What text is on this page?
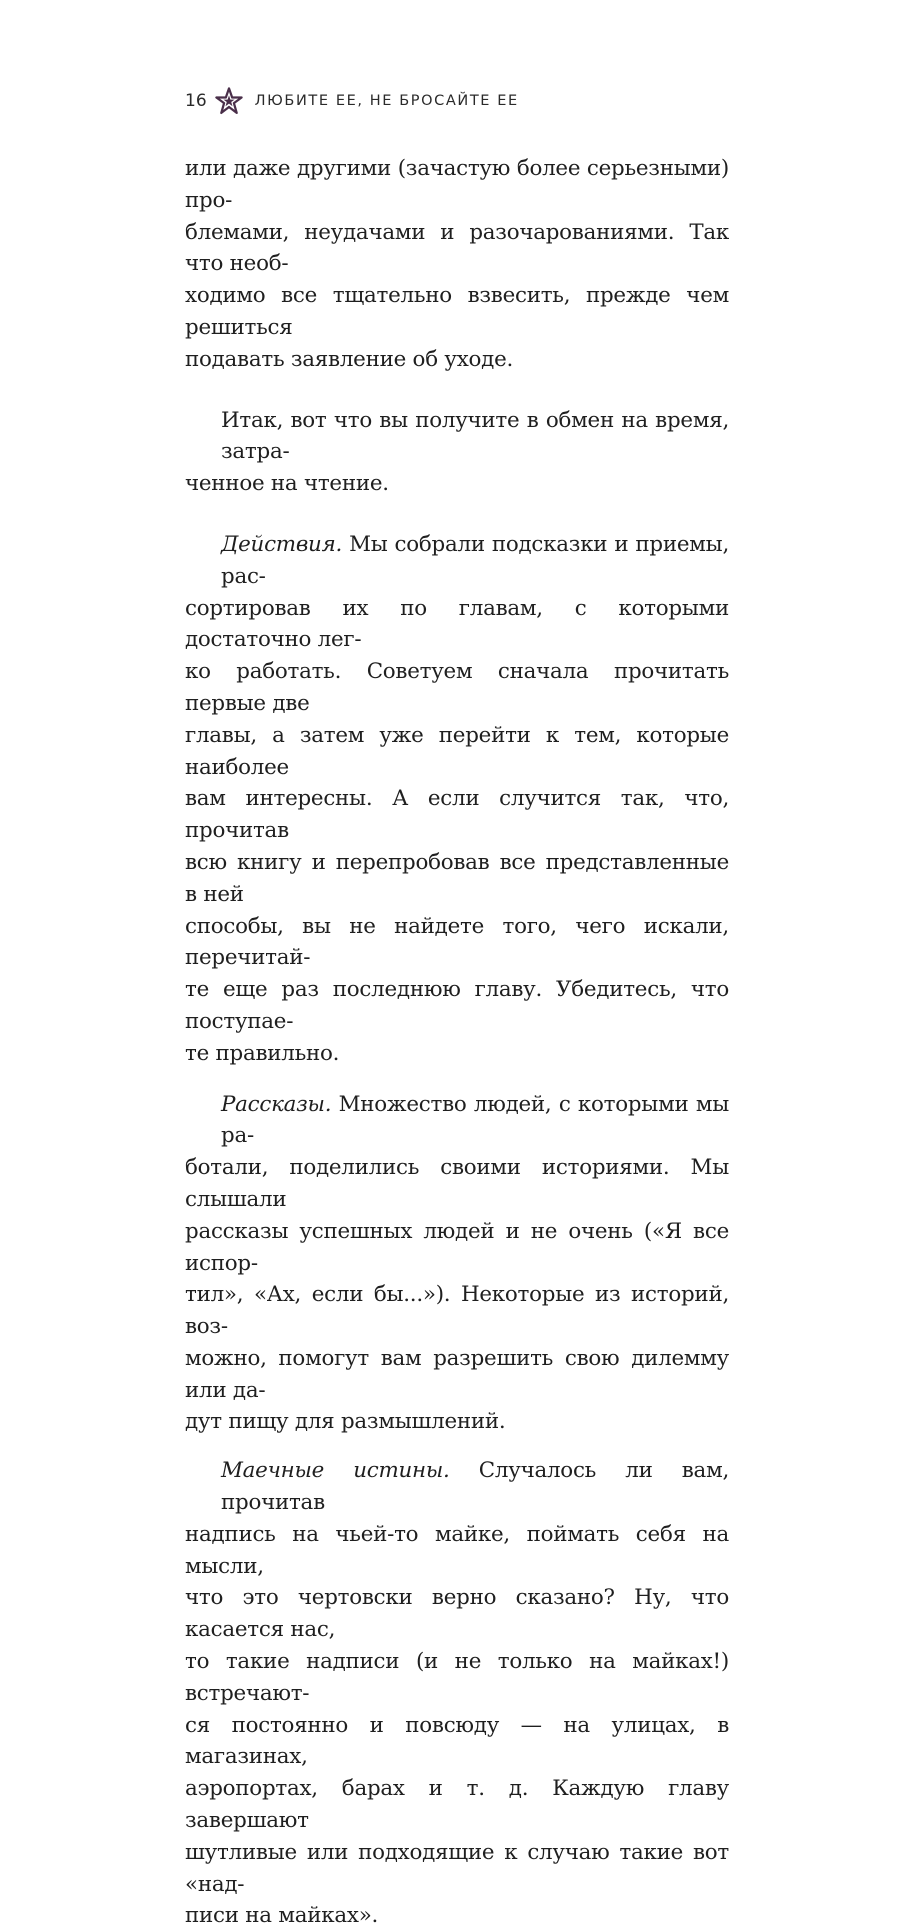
16	ЛЮБИТЕ ЕЕ, НЕ БРОСАЙТЕ ЕЕ

или даже другими (зачастую более серьезными) про-
блемами, неудачами и разочарованиями. Так что необ-
ходимо все тщательно взвесить, прежде чем решиться
подавать заявление об уходе.

Итак, вот что вы получите в обмен на время, затра-
ченное на чтение.

Действия. Мы собрали подсказки и приемы, рас-
сортировав их по главам, с которыми достаточно лег-
ко работать. Советуем сначала прочитать первые две
главы, а затем уже перейти к тем, которые наиболее
вам интересны. А если случится так, что, прочитав
всю книгу и перепробовав все представленные в ней
способы, вы не найдете того, чего искали, перечитай-
те еще раз последнюю главу. Убедитесь, что поступае-
те правильно.

Рассказы. Множество людей, с которыми мы ра-
ботали, поделились своими историями. Мы слышали
рассказы успешных людей и не очень («Я все испор-
тил», «Ах, если бы...»). Некоторые из историй, воз-
можно, помогут вам разрешить свою дилемму или да-
дут пищу для размышлений.

Маечные истины. Случалось ли вам, прочитав
надпись на чьей-то майке, поймать себя на мысли,
что это чертовски верно сказано? Ну, что касается нас,
то такие надписи (и не только на майках!) встречают-
ся постоянно и повсюду — на улицах, в магазинах,
аэропортах, барах и т. д. Каждую главу завершают
шутливые или подходящие к случаю такие вот «над-
писи на майках».
